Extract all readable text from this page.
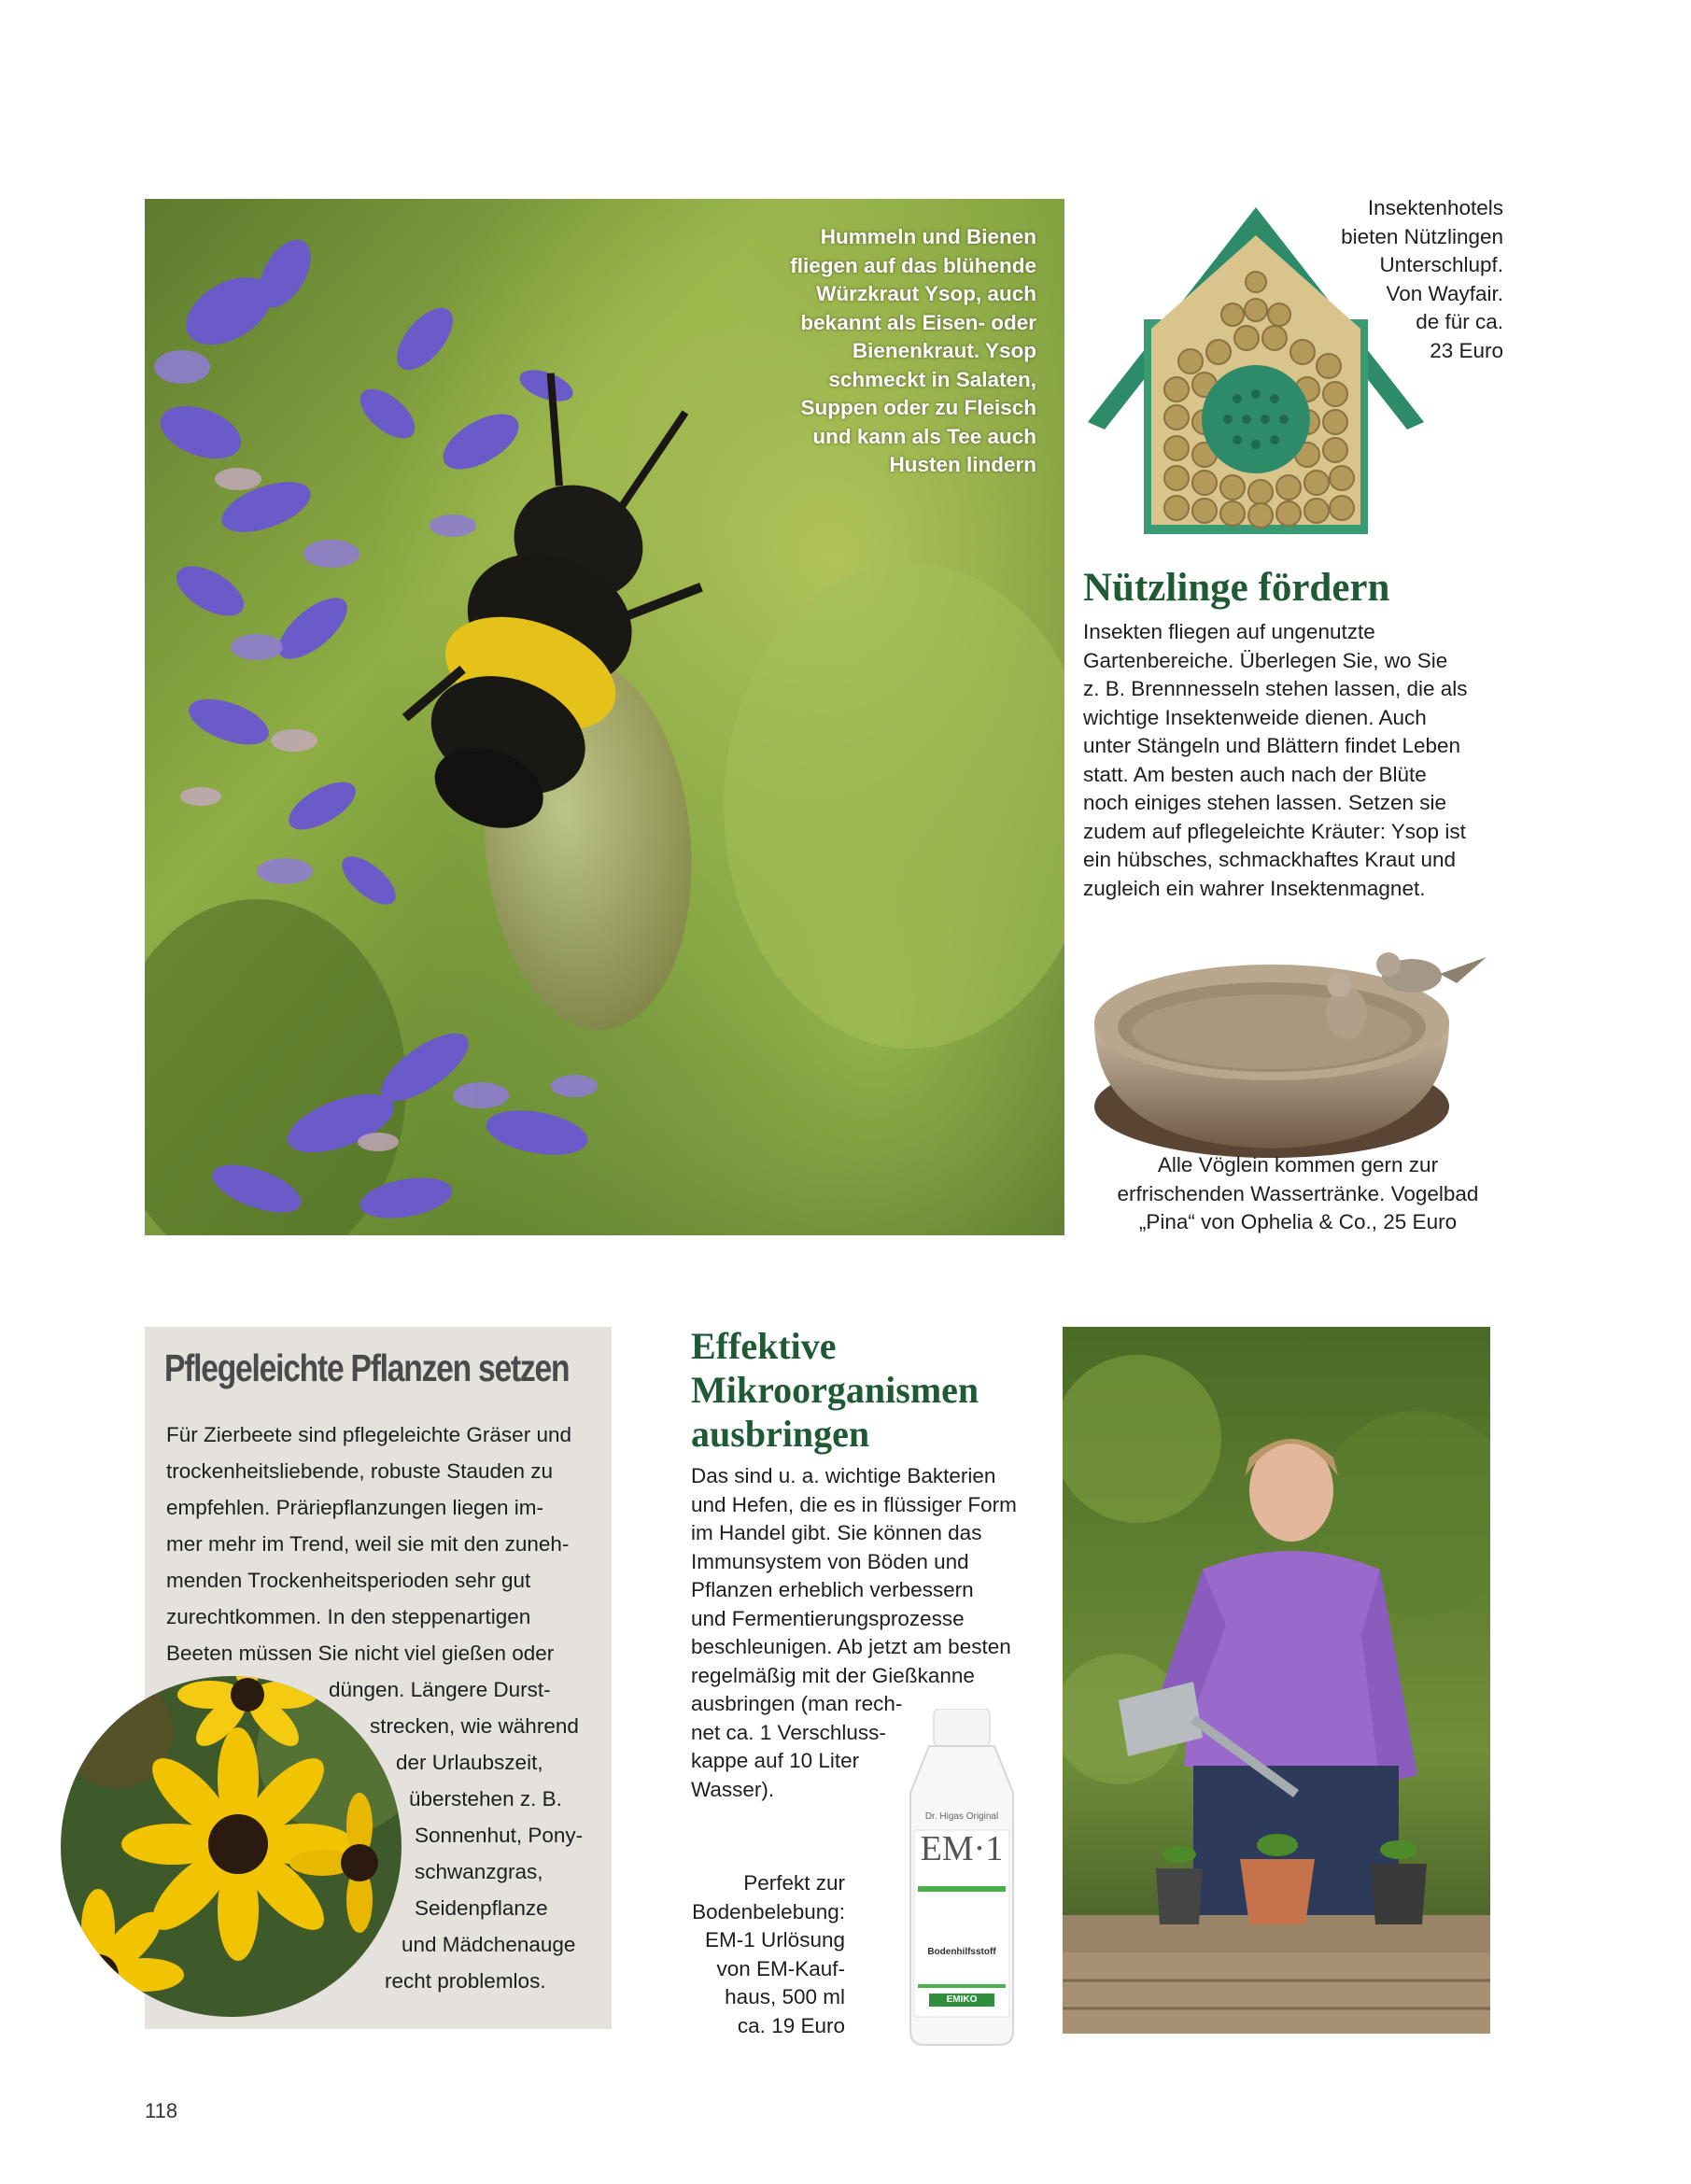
Hummeln und Bienen
fliegen auf das blühende
Würzkraut Ysop, auch
bekannt als Eisen- oder
Bienenkraut. Ysop
schmeckt in Salaten,
Suppen oder zu Fleisch
und kann als Tee auch
Husten lindern
Insektenhotels
bieten Nützlingen
Unterschlupf.
Von Wayfair.
de für ca.
23 Euro
Nützlinge fördern

Insekten fliegen auf ungenutzte

Gartenbereiche. Überlegen Sie, wo Sie

z. B. Brennnesseln stehen lassen, die als

wichtige Insektenweide dienen. Auch

unter Stängeln und Blättern findet Leben

statt. Am besten auch nach der Blüte

noch einiges stehen lassen. Setzen sie

zudem auf pflegeleichte Kräuter: Ysop ist

ein hübsches, schmackhaftes Kraut und

zugleich ein wahrer Insektenmagnet.

Alle Vöglein kommen gern zur
erfrischenden Wassertränke. Vogelbad
„Pina“ von Ophelia & Co., 25 Euro
Pflegeleichte Pflanzen setzen
Für Zierbeete sind pflegeleichte Gräser und
trockenheitsliebende, robuste Stauden zu
empfehlen. Präriepflanzungen liegen im-
mer mehr im Trend, weil sie mit den zuneh-
menden Trockenheitsperioden sehr gut
zurechtkommen. In den steppenartigen
Beeten müssen Sie nicht viel gießen oder
düngen. Längere Durst-
strecken, wie während
der Urlaubszeit,
überstehen z. B.
Sonnenhut, Pony-
schwanzgras,
Seidenpflanze
und Mädchenauge
recht problemlos.
Effektive
Mikroorganismen
ausbringen
Das sind u. a. wichtige Bakterien
und Hefen, die es in flüssiger Form
im Handel gibt. Sie können das
Immunsystem von Böden und
Pflanzen erheblich verbessern
und Fermentierungsprozesse
beschleunigen. Ab jetzt am besten
regelmäßig mit der Gießkanne
ausbringen (man rech-
net ca. 1 Verschluss-
kappe auf 10 Liter
Wasser).
Dr. Higas Original
EM·1
Bodenhilfsstoff
EMIKO
Perfekt zur
Bodenbelebung:
EM-1 Urlösung
von EM-Kauf-
haus, 500 ml
ca. 19 Euro
118
